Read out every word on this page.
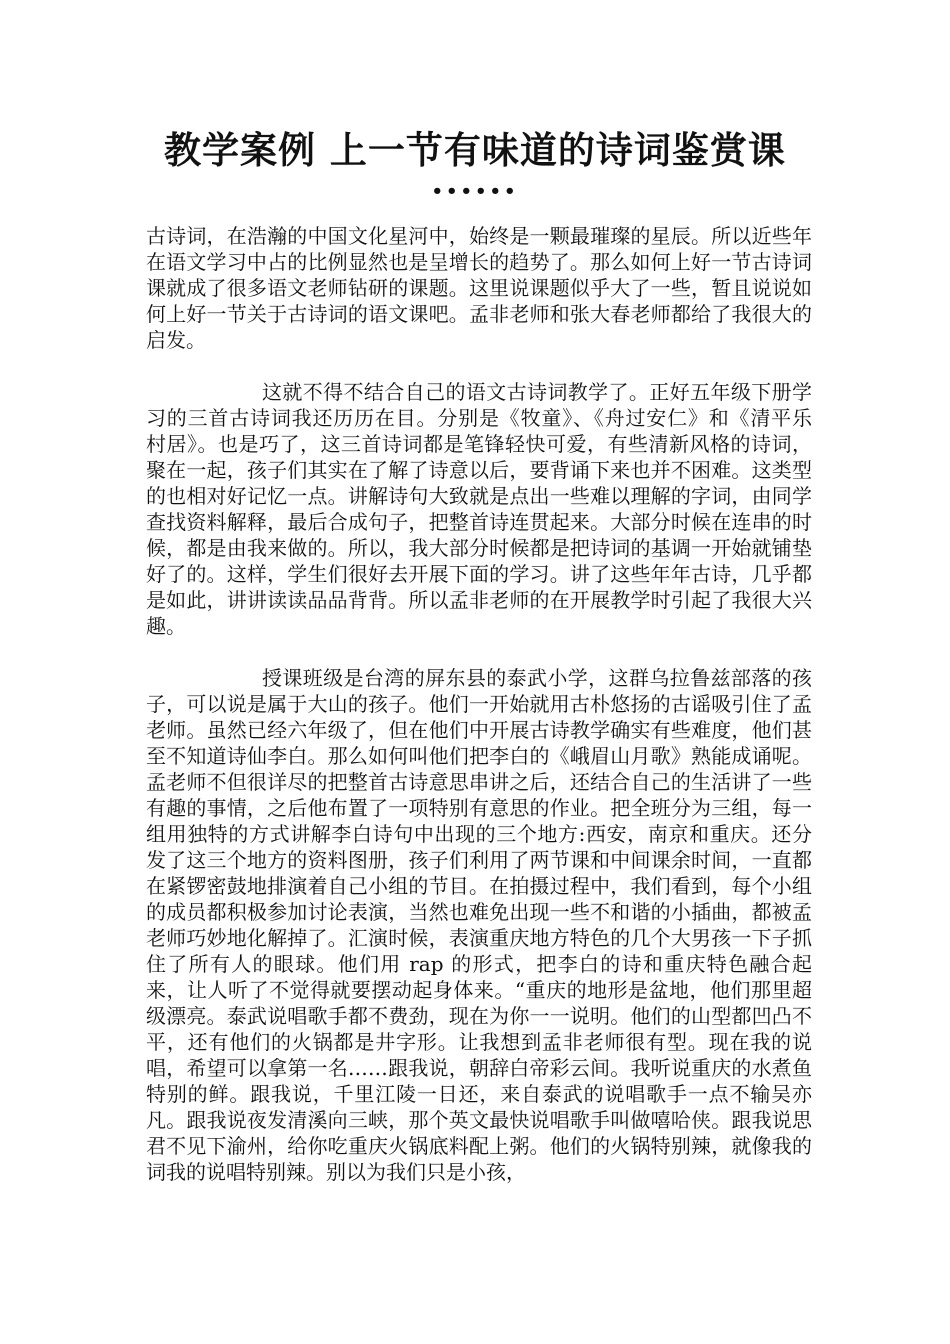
教学案例 上一节有味道的诗词鉴赏课
••••••

古诗词，在浩瀚的中国文化星河中，始终是一颗最璀璨的星辰。所以近些年在语文学习中占的比例显然也是呈增长的趋势了。那么如何上好一节古诗词课就成了很多语文老师钻研的课题。这里说课题似乎大了一些，暂且说说如何上好一节关于古诗词的语文课吧。孟非老师和张大春老师都给了我很大的启发。

这就不得不结合自己的语文古诗词教学了。正好五年级下册学习的三首古诗词我还历历在目。分别是《牧童》、《舟过安仁》和《清平乐 村居》。也是巧了，这三首诗词都是笔锋轻快可爱，有些清新风格的诗词，聚在一起，孩子们其实在了解了诗意以后，要背诵下来也并不困难。这类型的也相对好记忆一点。讲解诗句大致就是点出一些难以理解的字词，由同学查找资料解释，最后合成句子，把整首诗连贯起来。大部分时候在连串的时候，都是由我来做的。所以，我大部分时候都是把诗词的基调一开始就铺垫好了的。这样，学生们很好去开展下面的学习。讲了这些年年古诗，几乎都是如此，讲讲读读品品背背。所以孟非老师的在开展教学时引起了我很大兴趣。

授课班级是台湾的屏东县的泰武小学，这群乌拉鲁兹部落的孩子，可以说是属于大山的孩子。他们一开始就用古朴悠扬的古谣吸引住了孟老师。虽然已经六年级了，但在他们中开展古诗教学确实有些难度，他们甚至不知道诗仙李白。那么如何叫他们把李白的《峨眉山月歌》熟能成诵呢。孟老师不但很详尽的把整首古诗意思串讲之后，还结合自己的生活讲了一些有趣的事情，之后他布置了一项特别有意思的作业。把全班分为三组，每一组用独特的方式讲解李白诗句中出现的三个地方:西安，南京和重庆。还分发了这三个地方的资料图册，孩子们利用了两节课和中间课余时间，一直都在紧锣密鼓地排演着自己小组的节目。在拍摄过程中，我们看到，每个小组的成员都积极参加讨论表演，当然也难免出现一些不和谐的小插曲，都被孟老师巧妙地化解掉了。汇演时候，表演重庆地方特色的几个大男孩一下子抓住了所有人的眼球。他们用 rap 的形式，把李白的诗和重庆特色融合起来，让人听了不觉得就要摆动起身体来。“重庆的地形是盆地，他们那里超级漂亮。泰武说唱歌手都不费劲，现在为你一一说明。他们的山型都凹凸不平，还有他们的火锅都是井字形。让我想到孟非老师很有型。现在我的说唱，希望可以拿第一名……跟我说，朝辞白帝彩云间。我听说重庆的水煮鱼特别的鲜。跟我说，千里江陵一日还，来自泰武的说唱歌手一点不输吴亦凡。跟我说夜发清溪向三峡，那个英文最快说唱歌手叫做嘻哈侠。跟我说思君不见下渝州，给你吃重庆火锅底料配上粥。他们的火锅特别辣，就像我的词我的说唱特别辣。别以为我们只是小孩，
